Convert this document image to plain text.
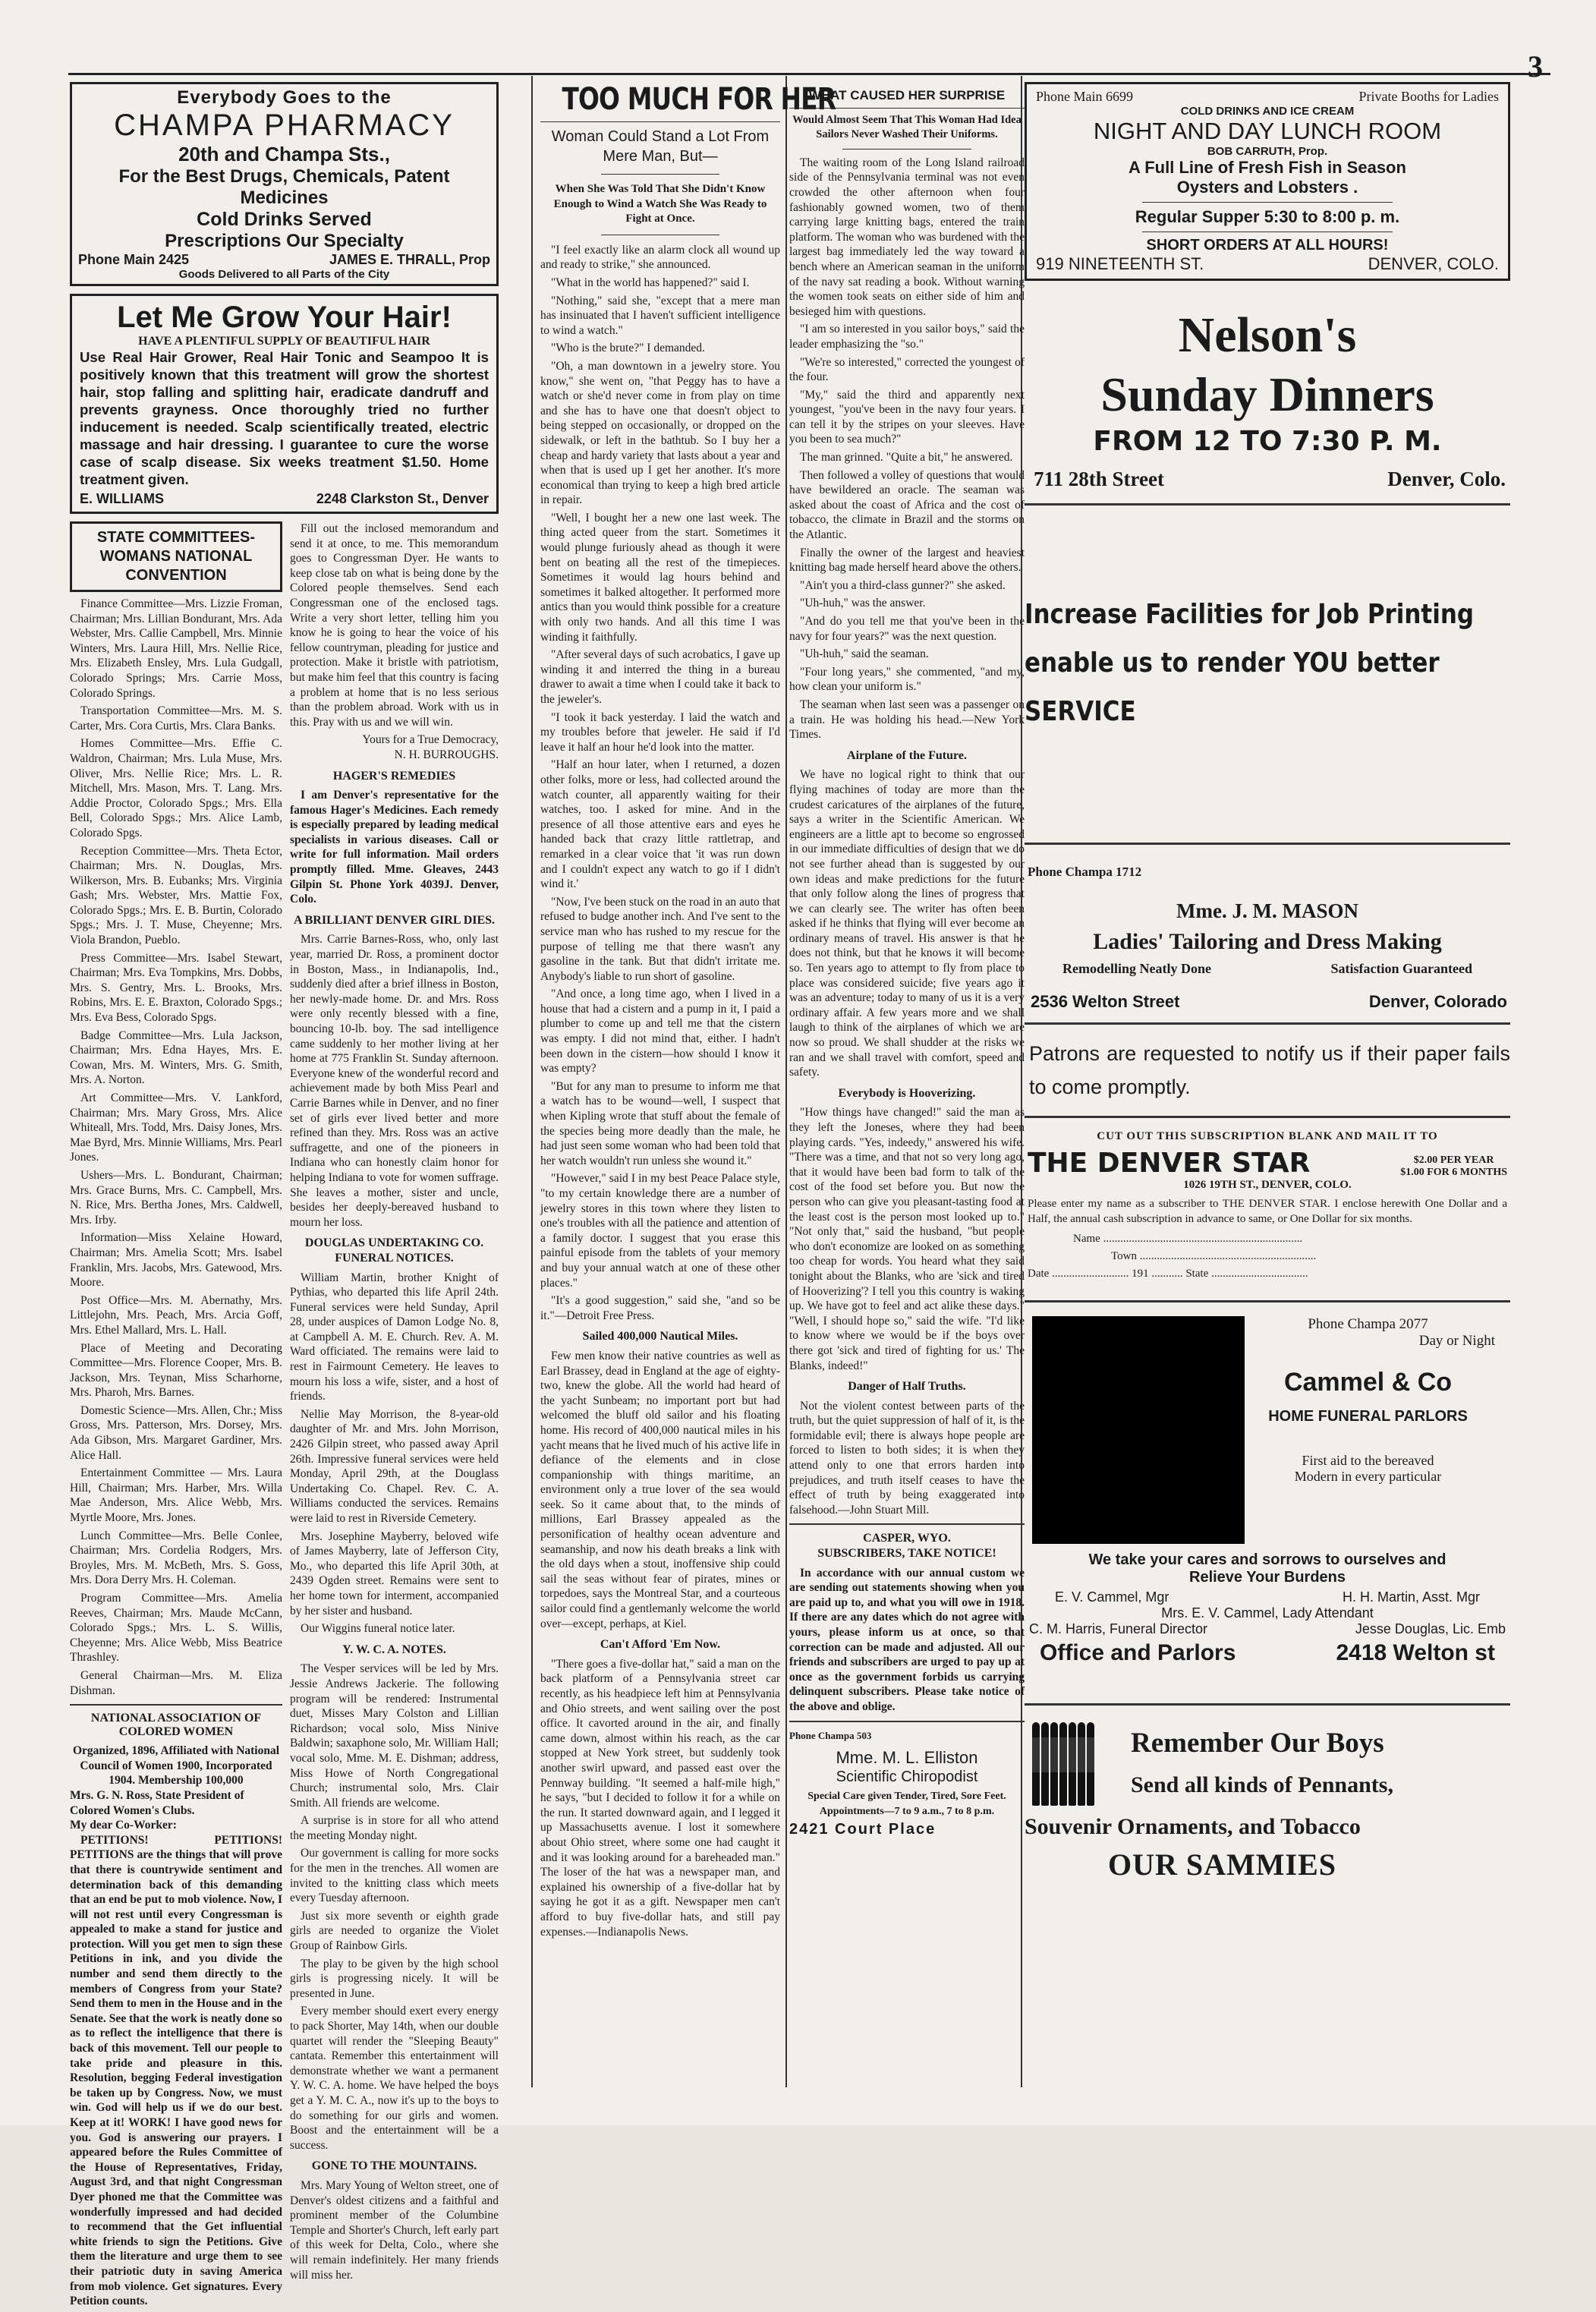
3
Everybody Goes to the
CHAMPA PHARMACY
20th and Champa Sts.,
For the Best Drugs, Chemicals, Patent Medicines
Cold Drinks Served
Prescriptions Our Specialty
Phone Main 2425	JAMES E. THRALL, Prop
Goods Delivered to all Parts of the City
Let Me Grow Your Hair!
HAVE A PLENTIFUL SUPPLY OF BEAUTIFUL HAIR
Use Real Hair Grower, Real Hair Tonic and Seampoo It is positively known that this treatment will grow the shortest hair, stop falling and splitting hair, eradicate dandruff and prevents grayness. Once thoroughly tried no further inducement is needed. Scalp scientifically treated, electric massage and hair dressing. I guarantee to cure the worse case of scalp disease. Six weeks treatment $1.50. Home treatment given.
E. WILLIAMS	2248 Clarkston St., Denver
STATE COMMITTEES-WOMANS NATIONAL CONVENTION

Finance Committee—Mrs. Lizzie Froman, Chairman; Mrs. Lillian Bondurant, Mrs. Ada Webster, Mrs. Callie Campbell, Mrs. Minnie Winters, Mrs. Laura Hill, Mrs. Nellie Rice, Mrs. Elizabeth Ensley, Mrs. Lula Gudgall, Colorado Springs; Mrs. Carrie Moss, Colorado Springs.

Transportation Committee—Mrs. M. S. Carter, Mrs. Cora Curtis, Mrs. Clara Banks.

Homes Committee—Mrs. Effie C. Waldron, Chairman; Mrs. Lula Muse, Mrs. Oliver, Mrs. Nellie Rice; Mrs. L. R. Mitchell, Mrs. Mason, Mrs. T. Lang. Mrs. Addie Proctor, Colorado Spgs.; Mrs. Ella Bell, Colorado Spgs.; Mrs. Alice Lamb, Colorado Spgs.

Reception Committee—Mrs. Theta Ector, Chairman; Mrs. N. Douglas, Mrs. Wilkerson, Mrs. B. Eubanks; Mrs. Virginia Gash; Mrs. Webster, Mrs. Mattie Fox, Colorado Spgs.; Mrs. E. B. Burtin, Colorado Spgs.; Mrs. J. T. Muse, Cheyenne; Mrs. Viola Brandon, Pueblo.

Press Committee—Mrs. Isabel Stewart, Chairman; Mrs. Eva Tompkins, Mrs. Dobbs, Mrs. S. Gentry, Mrs. L. Brooks, Mrs. Robins, Mrs. E. E. Braxton, Colorado Spgs.; Mrs. Eva Bess, Colorado Spgs.

Badge Committee—Mrs. Lula Jackson, Chairman; Mrs. Edna Hayes, Mrs. E. Cowan, Mrs. M. Winters, Mrs. G. Smith, Mrs. A. Norton.

Art Committee—Mrs. V. Lankford, Chairman; Mrs. Mary Gross, Mrs. Alice Whiteall, Mrs. Todd, Mrs. Daisy Jones, Mrs. Mae Byrd, Mrs. Minnie Williams, Mrs. Pearl Jones.

Ushers—Mrs. L. Bondurant, Chairman; Mrs. Grace Burns, Mrs. C. Campbell, Mrs. N. Rice, Mrs. Bertha Jones, Mrs. Caldwell, Mrs. Irby.

Information—Miss Xelaine Howard, Chairman; Mrs. Amelia Scott; Mrs. Isabel Franklin, Mrs. Jacobs, Mrs. Gatewood, Mrs. Moore.

Post Office—Mrs. M. Abernathy, Mrs. Littlejohn, Mrs. Peach, Mrs. Arcia Goff, Mrs. Ethel Mallard, Mrs. L. Hall.

Place of Meeting and Decorating Committee—Mrs. Florence Cooper, Mrs. B. Jackson, Mrs. Teynan, Miss Scharhorne, Mrs. Pharoh, Mrs. Barnes.

Domestic Science—Mrs. Allen, Chr.; Miss Gross, Mrs. Patterson, Mrs. Dorsey, Mrs. Ada Gibson, Mrs. Margaret Gardiner, Mrs. Alice Hall.

Entertainment Committee — Mrs. Laura Hill, Chairman; Mrs. Harber, Mrs. Willa Mae Anderson, Mrs. Alice Webb, Mrs. Myrtle Moore, Mrs. Jones.

Lunch Committee—Mrs. Belle Conlee, Chairman; Mrs. Cordelia Rodgers, Mrs. Broyles, Mrs. M. McBeth, Mrs. S. Goss, Mrs. Dora Derry Mrs. H. Coleman.

Program Committee—Mrs. Amelia Reeves, Chairman; Mrs. Maude McCann, Colorado Spgs.; Mrs. L. S. Willis, Cheyenne; Mrs. Alice Webb, Miss Beatrice Thrashley.

General Chairman—Mrs. M. Eliza Dishman.

NATIONAL ASSOCIATION OF COLORED WOMEN
Organized, 1896, Affiliated with National Council of Women 1900, Incorporated 1904. Membership 100,000
Mrs. G. N. Ross, State President of Colored Women's Clubs.
My dear Co-Worker:

PETITIONS! PETITIONS! PETITIONS are the things that will prove that there is countrywide sentiment and determination back of this demanding that an end be put to mob violence. Now, I will not rest until every Congressman is appealed to make a stand for justice and protection. Will you get men to sign these Petitions in ink, and you divide the number and send them directly to the members of Congress from your State? Send them to men in the House and in the Senate. See that the work is neatly done so as to reflect the intelligence that there is back of this movement. Tell our people to take pride and pleasure in this. Resolution, begging Federal investigation be taken up by Congress. Now, we must win. God will help us if we do our best. Keep at it! WORK! I have good news for you. God is answering our prayers. I appeared before the Rules Committee of the House of Representatives, Friday, August 3rd, and that night Congressman Dyer phoned me that the Committee was wonderfully impressed and had decided to recommend that the Get influential white friends to sign the Petitions. Give them the literature and urge them to see their patriotic duty in saving America from mob violence. Get signatures. Every Petition counts.

Fill out the inclosed memorandum and send it at once, to me. This memorandum goes to Congressman Dyer. He wants to keep close tab on what is being done by the Colored people themselves. Send each Congressman one of the enclosed tags. Write a very short letter, telling him you know he is going to hear the voice of his fellow countryman, pleading for justice and protection. Make it bristle with patriotism, but make him feel that this country is facing a problem at home that is no less serious than the problem abroad. Work with us in this. Pray with us and we will win.

Yours for a True Democracy,
N. H. BURROUGHS.
HAGER'S REMEDIES

I am Denver's representative for the famous Hager's Medicines. Each remedy is especially prepared by leading medical specialists in various diseases. Call or write for full information. Mail orders promptly filled. Mme. Gleaves, 2443 Gilpin St. Phone York 4039J. Denver, Colo.

A BRILLIANT DENVER GIRL DIES.

Mrs. Carrie Barnes-Ross, who, only last year, married Dr. Ross, a prominent doctor in Boston, Mass., in Indianapolis, Ind., suddenly died after a brief illness in Boston, her newly-made home. Dr. and Mrs. Ross were only recently blessed with a fine, bouncing 10-lb. boy. The sad intelligence came suddenly to her mother living at her home at 775 Franklin St. Sunday afternoon. Everyone knew of the wonderful record and achievement made by both Miss Pearl and Carrie Barnes while in Denver, and no finer set of girls ever lived better and more refined than they. Mrs. Ross was an active suffragette, and one of the pioneers in Indiana who can honestly claim honor for helping Indiana to vote for women suffrage. She leaves a mother, sister and uncle, besides her deeply-bereaved husband to mourn her loss.

DOUGLAS UNDERTAKING CO. FUNERAL NOTICES.

William Martin, brother Knight of Pythias, who departed this life April 24th. Funeral services were held Sunday, April 28, under auspices of Damon Lodge No. 8, at Campbell A. M. E. Church. Rev. A. M. Ward officiated. The remains were laid to rest in Fairmount Cemetery. He leaves to mourn his loss a wife, sister, and a host of friends.

Nellie May Morrison, the 8-year-old daughter of Mr. and Mrs. John Morrison, 2426 Gilpin street, who passed away April 26th. Impressive funeral services were held Monday, April 29th, at the Douglass Undertaking Co. Chapel. Rev. C. A. Williams conducted the services. Remains were laid to rest in Riverside Cemetery.

Mrs. Josephine Mayberry, beloved wife of James Mayberry, late of Jefferson City, Mo., who departed this life April 30th, at 2439 Ogden street. Remains were sent to her home town for interment, accompanied by her sister and husband.

Our Wiggins funeral notice later.

Y. W. C. A. NOTES.

The Vesper services will be led by Mrs. Jessie Andrews Jackerie. The following program will be rendered: Instrumental duet, Misses Mary Colston and Lillian Richardson; vocal solo, Miss Ninive Baldwin; saxaphone solo, Mr. William Hall; vocal solo, Mme. M. E. Dishman; address, Miss Howe of North Congregational Church; instrumental solo, Mrs. Clair Smith. All friends are welcome.

A surprise is in store for all who attend the meeting Monday night.

Our government is calling for more socks for the men in the trenches. All women are invited to the knitting class which meets every Tuesday afternoon.

Just six more seventh or eighth grade girls are needed to organize the Violet Group of Rainbow Girls.

The play to be given by the high school girls is progressing nicely. It will be presented in June.

Every member should exert every energy to pack Shorter, May 14th, when our double quartet will render the "Sleeping Beauty" cantata. Remember this entertainment will demonstrate whether we want a permanent Y. W. C. A. home. We have helped the boys get a Y. M. C. A., now it's up to the boys to do something for our girls and women. Boost and the entertainment will be a success.

GONE TO THE MOUNTAINS.

Mrs. Mary Young of Welton street, one of Denver's oldest citizens and a faithful and prominent member of the Columbine Temple and Shorter's Church, left early part of this week for Delta, Colo., where she will remain indefinitely. Her many friends will miss her.

TOO MUCH FOR HER
Woman Could Stand a Lot From Mere Man, But—
When She Was Told That She Didn't Know Enough to Wind a Watch She Was Ready to Fight at Once.

"I feel exactly like an alarm clock all wound up and ready to strike," she announced.

"What in the world has happened?" said I.

"Nothing," said she, "except that a mere man has insinuated that I haven't sufficient intelligence to wind a watch."

"Who is the brute?" I demanded.

"Oh, a man downtown in a jewelry store. You know," she went on, "that Peggy has to have a watch or she'd never come in from play on time and she has to have one that doesn't object to being stepped on occasionally, or dropped on the sidewalk, or left in the bathtub. So I buy her a cheap and hardy variety that lasts about a year and when that is used up I get her another. It's more economical than trying to keep a high bred article in repair.

"Well, I bought her a new one last week. The thing acted queer from the start. Sometimes it would plunge furiously ahead as though it were bent on beating all the rest of the timepieces. Sometimes it would lag hours behind and sometimes it balked altogether. It performed more antics than you would think possible for a creature with only two hands. And all this time I was winding it faithfully.

"After several days of such acrobatics, I gave up winding it and interred the thing in a bureau drawer to await a time when I could take it back to the jeweler's.

"I took it back yesterday. I laid the watch and my troubles before that jeweler. He said if I'd leave it half an hour he'd look into the matter.

"Half an hour later, when I returned, a dozen other folks, more or less, had collected around the watch counter, all apparently waiting for their watches, too. I asked for mine. And in the presence of all those attentive ears and eyes he handed back that crazy little rattletrap, and remarked in a clear voice that 'it was run down and I couldn't expect any watch to go if I didn't wind it.'

"Now, I've been stuck on the road in an auto that refused to budge another inch. And I've sent to the service man who has rushed to my rescue for the purpose of telling me that there wasn't any gasoline in the tank. But that didn't irritate me. Anybody's liable to run short of gasoline.

"And once, a long time ago, when I lived in a house that had a cistern and a pump in it, I paid a plumber to come up and tell me that the cistern was empty. I did not mind that, either. I hadn't been down in the cistern—how should I know it was empty?

"But for any man to presume to inform me that a watch has to be wound—well, I suspect that when Kipling wrote that stuff about the female of the species being more deadly than the male, he had just seen some woman who had been told that her watch wouldn't run unless she wound it."

"However," said I in my best Peace Palace style, "to my certain knowledge there are a number of jewelry stores in this town where they listen to one's troubles with all the patience and attention of a family doctor. I suggest that you erase this painful episode from the tablets of your memory and buy your annual watch at one of these other places."

"It's a good suggestion," said she, "and so be it."—Detroit Free Press.

Sailed 400,000 Nautical Miles.

Few men know their native countries as well as Earl Brassey, dead in England at the age of eighty-two, knew the globe. All the world had heard of the yacht Sunbeam; no important port but had welcomed the bluff old sailor and his floating home. His record of 400,000 nautical miles in his yacht means that he lived much of his active life in defiance of the elements and in close companionship with things maritime, an environment only a true lover of the sea would seek. So it came about that, to the minds of millions, Earl Brassey appealed as the personification of healthy ocean adventure and seamanship, and now his death breaks a link with the old days when a stout, inoffensive ship could sail the seas without fear of pirates, mines or torpedoes, says the Montreal Star, and a courteous sailor could find a gentlemanly welcome the world over—except, perhaps, at Kiel.

Can't Afford 'Em Now.

"There goes a five-dollar hat," said a man on the back platform of a Pennsylvania street car recently, as his headpiece left him at Pennsylvania and Ohio streets, and went sailing over the post office. It cavorted around in the air, and finally came down, almost within his reach, as the car stopped at New York street, but suddenly took another swirl upward, and passed east over the Pennway building. "It seemed a half-mile high," he says, "but I decided to follow it for a while on the run. It started downward again, and I legged it up Massachusetts avenue. I lost it somewhere about Ohio street, where some one had caught it and it was looking around for a bareheaded man." The loser of the hat was a newspaper man, and explained his ownership of a five-dollar hat by saying he got it as a gift. Newspaper men can't afford to buy five-dollar hats, and still pay expenses.—Indianapolis News.

WHAT CAUSED HER SURPRISE
Would Almost Seem That This Woman Had Idea Sailors Never Washed Their Uniforms.

The waiting room of the Long Island railroad side of the Pennsylvania terminal was not even crowded the other afternoon when four fashionably gowned women, two of them carrying large knitting bags, entered the train platform. The woman who was burdened with the largest bag immediately led the way toward a bench where an American seaman in the uniform of the navy sat reading a book. Without warning the women took seats on either side of him and besieged him with questions.

"I am so interested in you sailor boys," said the leader emphasizing the "so."

"We're so interested," corrected the youngest of the four.

"My," said the third and apparently next youngest, "you've been in the navy four years. I can tell it by the stripes on your sleeves. Have you been to sea much?"

The man grinned. "Quite a bit," he answered.

Then followed a volley of questions that would have bewildered an oracle. The seaman was asked about the coast of Africa and the cost of tobacco, the climate in Brazil and the storms on the Atlantic.

Finally the owner of the largest and heaviest knitting bag made herself heard above the others.

"Ain't you a third-class gunner?" she asked.

"Uh-huh," was the answer.

"And do you tell me that you've been in the navy for four years?" was the next question.

"Uh-huh," said the seaman.

"Four long years," she commented, "and my, how clean your uniform is."

The seaman when last seen was a passenger on a train. He was holding his head.—New York Times.

Airplane of the Future.

We have no logical right to think that our flying machines of today are more than the crudest caricatures of the airplanes of the future, says a writer in the Scientific American. We engineers are a little apt to become so engrossed in our immediate difficulties of design that we do not see further ahead than is suggested by our own ideas and make predictions for the future that only follow along the lines of progress that we can clearly see. The writer has often been asked if he thinks that flying will ever become an ordinary means of travel. His answer is that he does not think, but that he knows it will become so. Ten years ago to attempt to fly from place to place was considered suicide; five years ago it was an adventure; today to many of us it is a very ordinary affair. A few years more and we shall laugh to think of the airplanes of which we are now so proud. We shall shudder at the risks we ran and we shall travel with comfort, speed and safety.

Everybody is Hooverizing.

"How things have changed!" said the man as they left the Joneses, where they had been playing cards. "Yes, indeedy," answered his wife. "There was a time, and that not so very long ago, that it would have been bad form to talk of the cost of the food set before you. But now the person who can give you pleasant-tasting food at the least cost is the person most looked up to." "Not only that," said the husband, "but people who don't economize are looked on as something too cheap for words. You heard what they said tonight about the Blanks, who are 'sick and tired of Hooverizing'? I tell you this country is waking up. We have got to feel and act alike these days." "Well, I should hope so," said the wife. "I'd like to know where we would be if the boys over there got 'sick and tired of fighting for us.' The Blanks, indeed!"

Danger of Half Truths.

Not the violent contest between parts of the truth, but the quiet suppression of half of it, is the formidable evil; there is always hope people are forced to listen to both sides; it is when they attend only to one that errors harden into prejudices, and truth itself ceases to have the effect of truth by being exaggerated into falsehood.—John Stuart Mill.

CASPER, WYO.
SUBSCRIBERS, TAKE NOTICE!

In accordance with our annual custom we are sending out statements showing when you are paid up to, and what you will owe in 1918. If there are any dates which do not agree with yours, please inform us at once, so that correction can be made and adjusted. All our friends and subscribers are urged to pay up at once as the government forbids us carrying delinquent subscribers. Please take notice of the above and oblige.

Phone Champa 503
Mme. M. L. Elliston
Scientific Chiropodist
Special Care given Tender, Tired, Sore Feet. Appointments—7 to 9 a.m., 7 to 8 p.m.
2421 Court Place
Phone Main 6699	Private Booths for Ladies
COLD DRINKS AND ICE CREAM
NIGHT AND DAY LUNCH ROOM
BOB CARRUTH, Prop.
A Full Line of Fresh Fish in Season
Oysters and Lobsters .
Regular Supper 5:30 to 8:00 p. m.
SHORT ORDERS AT ALL HOURS!
919 NINETEENTH ST.	DENVER, COLO.
Nelson's
Sunday Dinners
FROM 12 TO 7:30 P. M.
711 28th Street	Denver, Colo.
Increase Facilities for Job Printing enable us to render YOU better SERVICE
Phone Champa 1712
Mme. J. M. MASON
Ladies' Tailoring and Dress Making
Remodelling Neatly Done	Satisfaction Guaranteed
2536 Welton Street	Denver, Colorado
Patrons are requested to notify us if their paper fails to come promptly.
CUT OUT THIS SUBSCRIPTION BLANK AND MAIL IT TO
THE DENVER STAR	$2.00 PER YEAR
$1.00 FOR 6 MONTHS
1026 19TH ST., DENVER, COLO.
Please enter my name as a subscriber to THE DENVER STAR. I enclose herewith One Dollar and a Half, the annual cash subscription in advance to same, or One Dollar for six months.
Name ......................................................................
Town ..............................................................
Date ........................... 191 ........... State ..................................
Phone Champa 2077
Day or Night
Cammel & Co
HOME FUNERAL PARLORS
First aid to the bereaved
Modern in every particular
We take your cares and sorrows to ourselves and
Relieve Your Burdens
E. V. Cammel, Mgr	H. H. Martin, Asst. Mgr
Mrs. E. V. Cammel, Lady Attendant
C. M. Harris, Funeral Director	Jesse Douglas, Lic. Emb
Office and Parlors	2418 Welton st
Remember Our Boys
Send all kinds of Pennants,
Souvenir Ornaments, and Tobacco
OUR SAMMIES
